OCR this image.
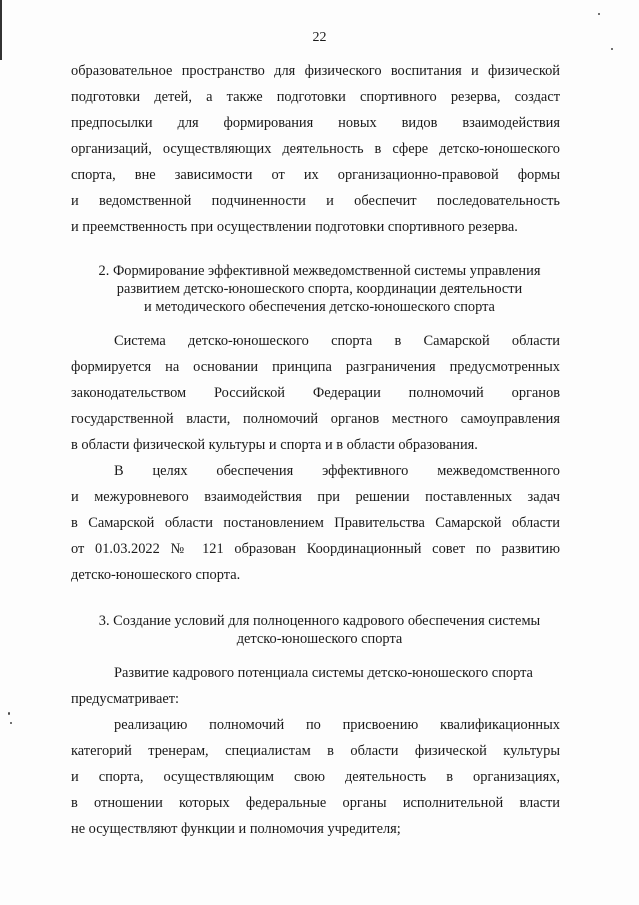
22
образовательное пространство для физического воспитания и физической
подготовки детей, а также подготовки спортивного резерва, создаст
предпосылки для формирования новых видов взаимодействия
организаций, осуществляющих деятельность в сфере детско-юношеского
спорта, вне зависимости от их организационно-правовой формы
и ведомственной подчиненности и обеспечит последовательность
и преемственность при осуществлении подготовки спортивного резерва.
2. Формирование эффективной межведомственной системы управления
развитием детско-юношеского спорта, координации деятельности
и методического обеспечения детско-юношеского спорта
Система детско-юношеского спорта в Самарской области
формируется на основании принципа разграничения предусмотренных
законодательством Российской Федерации полномочий органов
государственной власти, полномочий органов местного самоуправления
в области физической культуры и спорта и в области образования.
В целях обеспечения эффективного межведомственного
и межуровневого взаимодействия при решении поставленных задач
в Самарской области постановлением Правительства Самарской области
от 01.03.2022 № 121 образован Координационный совет по развитию
детско-юношеского спорта.
3. Создание условий для полноценного кадрового обеспечения системы
детско-юношеского спорта
Развитие кадрового потенциала системы детско-юношеского спорта
предусматривает:
реализацию полномочий по присвоению квалификационных
категорий тренерам, специалистам в области физической культуры
и спорта, осуществляющим свою деятельность в организациях,
в отношении которых федеральные органы исполнительной власти
не осуществляют функции и полномочия учредителя;
